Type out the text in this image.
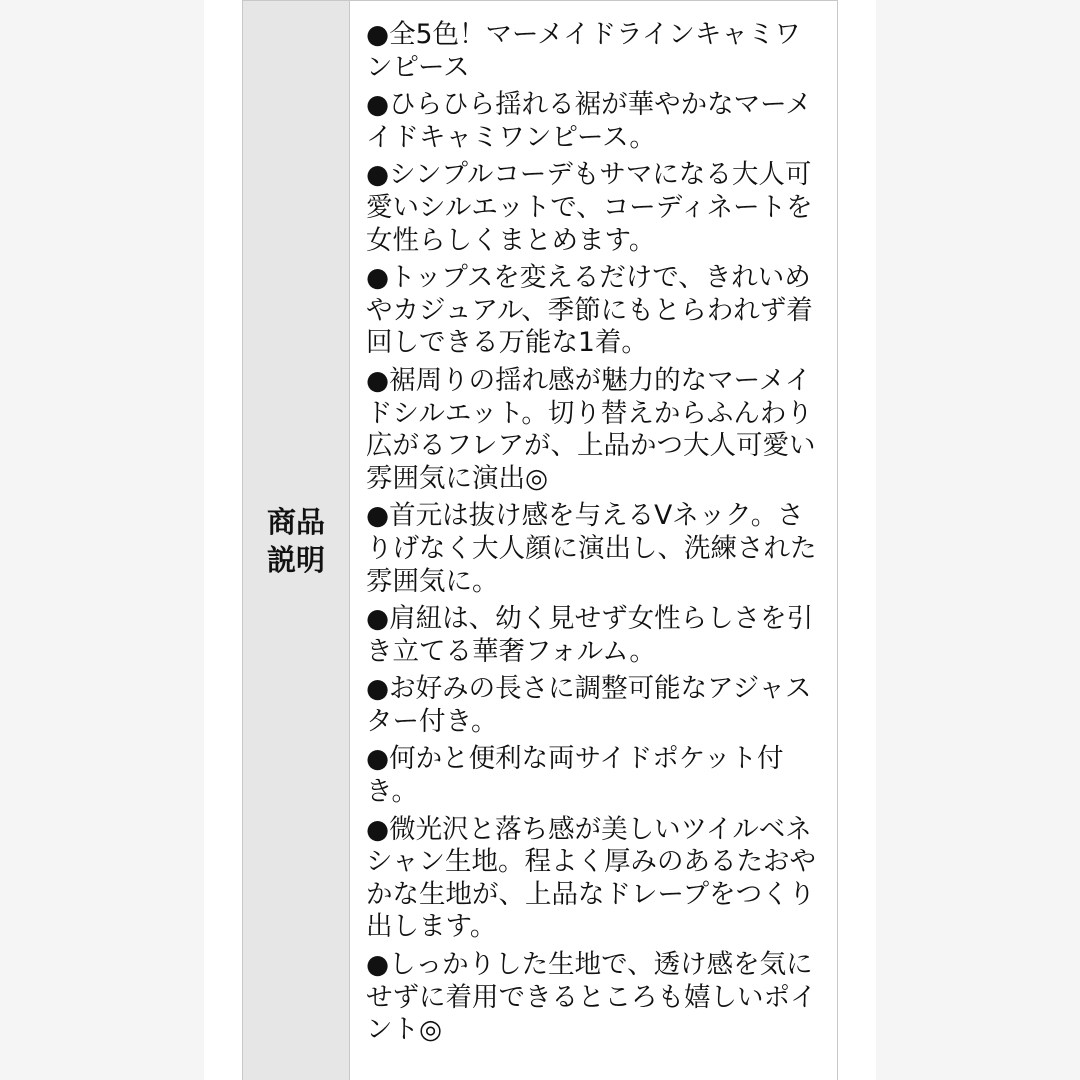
商品説明

●全5色！マーメイドラインキャミワンピース

●ひらひら揺れる裾が華やかなマーメイドキャミワンピース。

●シンプルコーデもサマになる大人可愛いシルエットで、コーディネートを女性らしくまとめます。

●トップスを変えるだけで、きれいめやカジュアル、季節にもとらわれず着回しできる万能な1着。

●裾周りの揺れ感が魅力的なマーメイドシルエット。切り替えからふんわり広がるフレアが、上品かつ大人可愛い雰囲気に演出◎

●首元は抜け感を与えるVネック。さりげなく大人顔に演出し、洗練された雰囲気に。

●肩紐は、幼く見せず女性らしさを引き立てる華奢フォルム。

●お好みの長さに調整可能なアジャスター付き。

●何かと便利な両サイドポケット付き。

●微光沢と落ち感が美しいツイルベネシャン生地。程よく厚みのあるたおやかな生地が、上品なドレープをつくり出します。

●しっかりした生地で、透け感を気にせずに着用できるところも嬉しいポイント◎
